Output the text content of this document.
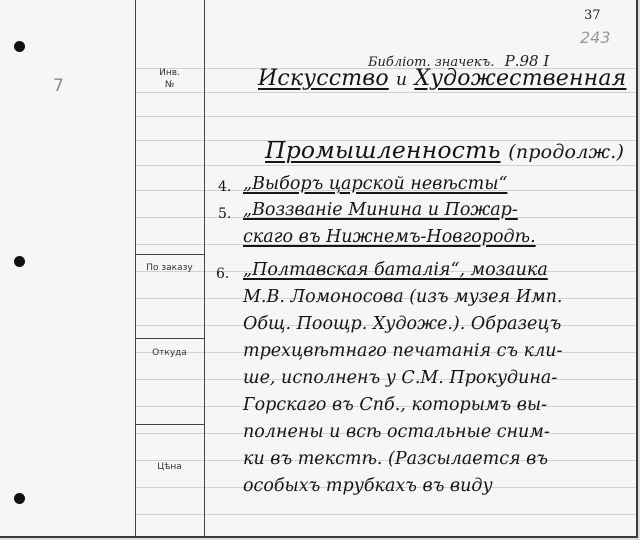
Инв.
№
По заказу
Откуда
Цѣна
7
37
243
Библіот. значекъ. Р.98 I
Искусство и Художественная
Промышленность (продолж.)
4. „Выборъ царской невѣсты“
5. „Воззваніе Минина и Пожар-
скаго въ Нижнемъ-Новгородѣ.
6. „Полтавская баталія“, мозаика
М.В. Ломоносова (изъ музея Имп.
Общ. Поощр. Художе.). Образецъ
трехцвѣтнаго печатанія съ кли-
ше, исполненъ у С.М. Прокудина-
Горскаго въ Спб., которымъ вы-
полнены и всѣ остальные сним-
ки въ текстѣ. (Разсылается въ
особыхъ трубкахъ въ виду
